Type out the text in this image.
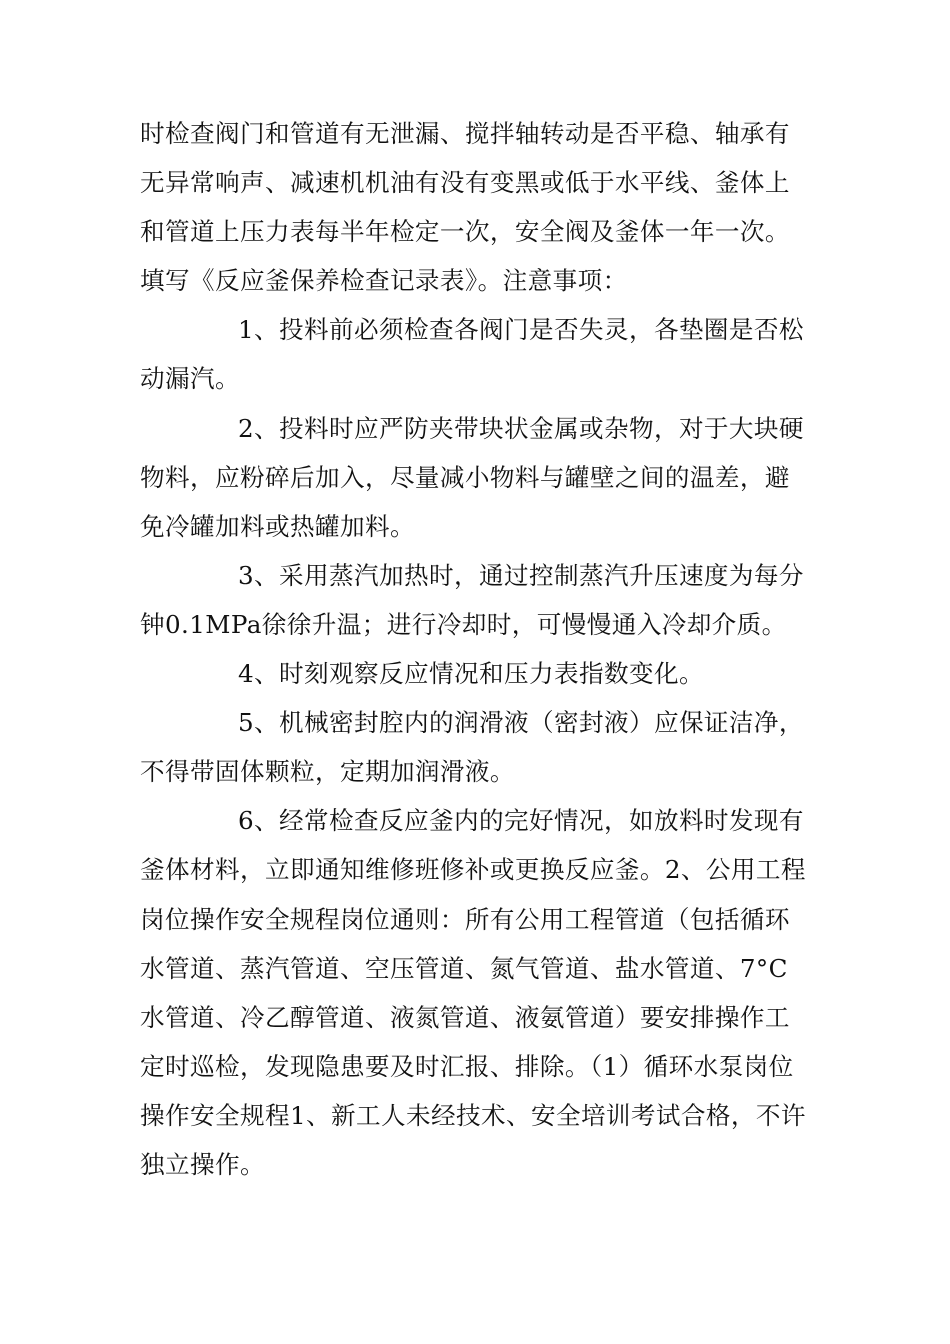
时检查阀门和管道有无泄漏、搅拌轴转动是否平稳、轴承有
无异常响声、减速机机油有没有变黑或低于水平线、釜体上
和管道上压力表每半年检定一次，安全阀及釜体一年一次。
填写《反应釜保养检查记录表》。注意事项：
1、投料前必须检查各阀门是否失灵，各垫圈是否松
动漏汽。
2、投料时应严防夹带块状金属或杂物，对于大块硬
物料，应粉碎后加入，尽量减小物料与罐壁之间的温差，避
免冷罐加料或热罐加料。
3、采用蒸汽加热时，通过控制蒸汽升压速度为每分
钟0.1MPa徐徐升温；进行冷却时，可慢慢通入冷却介质。
4、时刻观察反应情况和压力表指数变化。
5、机械密封腔内的润滑液（密封液）应保证洁净，
不得带固体颗粒，定期加润滑液。
6、经常检查反应釜内的完好情况，如放料时发现有
釜体材料，立即通知维修班修补或更换反应釜。2、公用工程
岗位操作安全规程岗位通则：所有公用工程管道（包括循环
水管道、蒸汽管道、空压管道、氮气管道、盐水管道、7°C
水管道、冷乙醇管道、液氮管道、液氨管道）要安排操作工
定时巡检，发现隐患要及时汇报、排除。（1）循环水泵岗位
操作安全规程1、新工人未经技术、安全培训考试合格，不许
独立操作。
